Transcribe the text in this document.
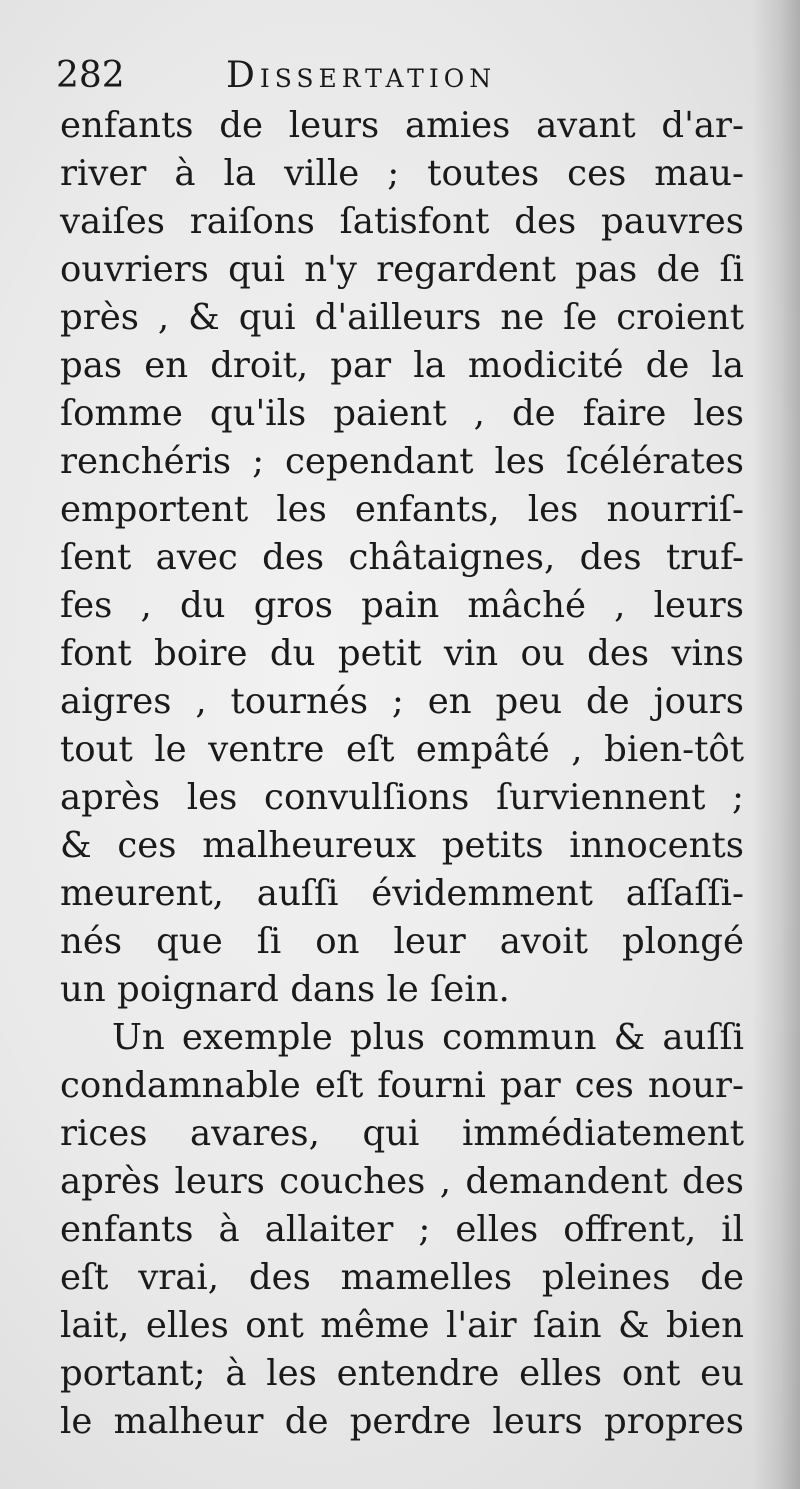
282	Dissertation
enfants de leurs amies avant d'ar-
river à la ville ; toutes ces mau-
vaiſes raiſons ſatisfont des pauvres
ouvriers qui n'y regardent pas de ſi
près , & qui d'ailleurs ne ſe croient
pas en droit, par la modicité de la
ſomme qu'ils paient , de faire les
renchéris ; cependant les ſcélérates
emportent les enfants, les nourriſ-
ſent avec des châtaignes, des truf-
fes , du gros pain mâché , leurs
font boire du petit vin ou des vins
aigres , tournés ; en peu de jours
tout le ventre eſt empâté , bien-tôt
après les convulſions ſurviennent ;
& ces malheureux petits innocents
meurent, auſſi évidemment aſſaſſi-
nés que ſi on leur avoit plongé
un poignard dans le ſein.
Un exemple plus commun & auſſi
condamnable eſt fourni par ces nour-
rices avares, qui immédiatement
après leurs couches , demandent des
enfants à allaiter ; elles offrent, il
eſt vrai, des mamelles pleines de
lait, elles ont même l'air ſain & bien
portant; à les entendre elles ont eu
le malheur de perdre leurs propres
